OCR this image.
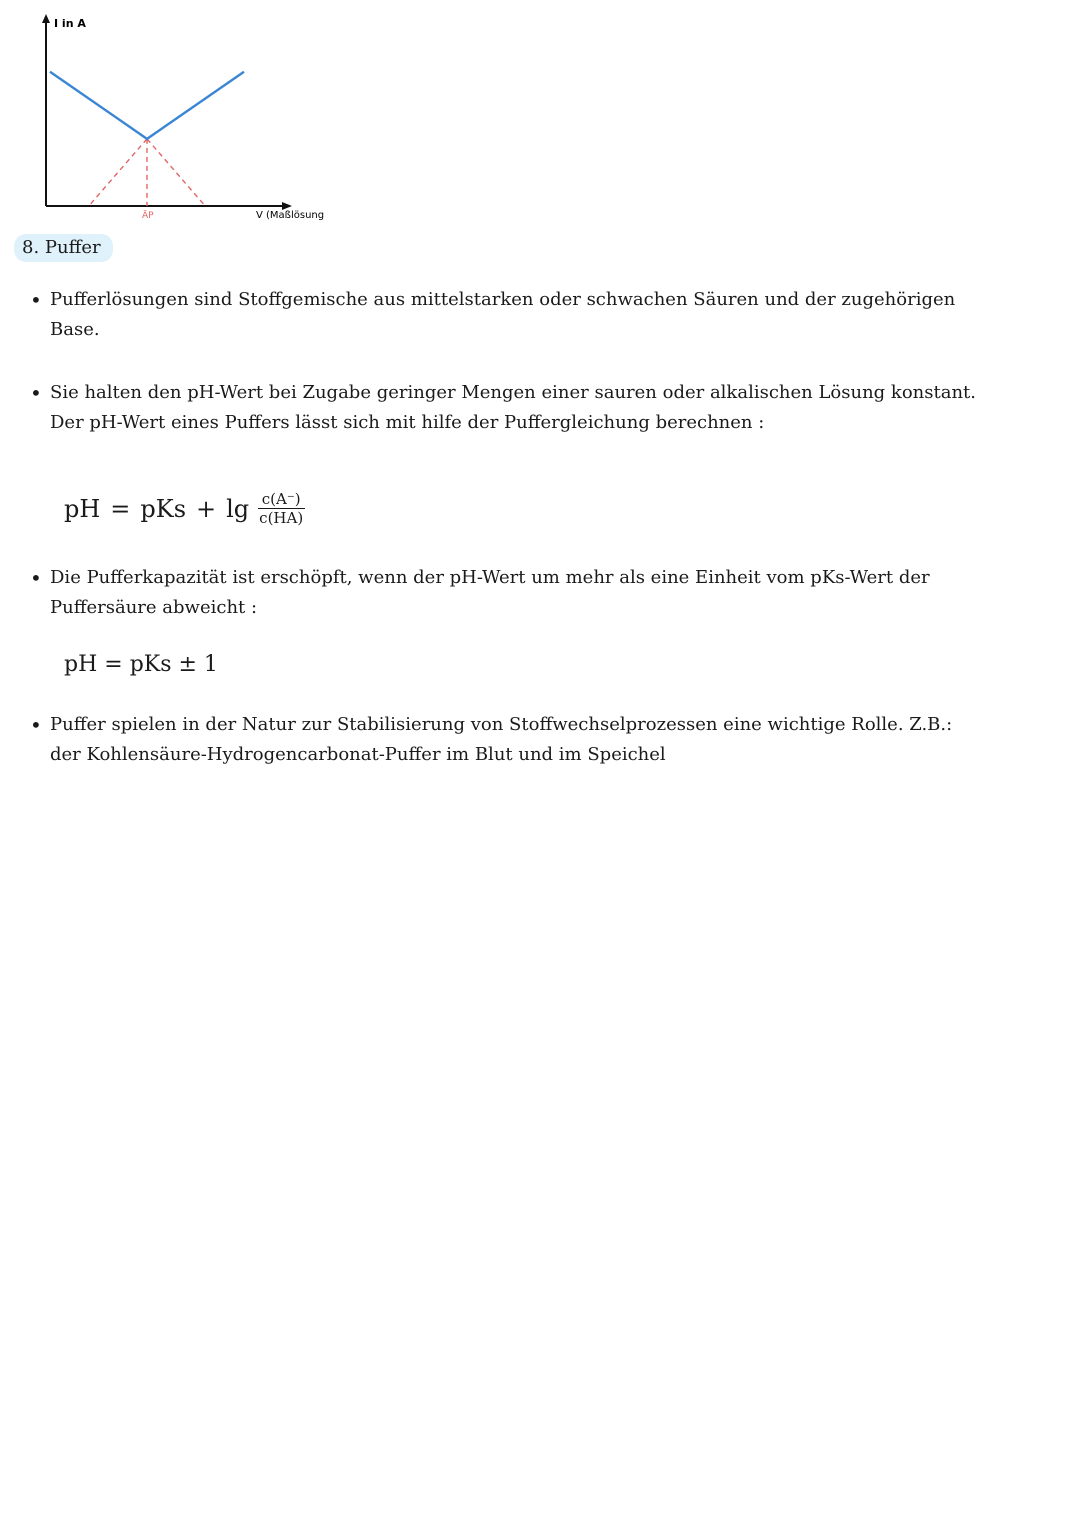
I in A
V (Maßlösung
ÄP
8. Puffer
• Pufferlösungen sind Stoffgemische aus mittelstarken oder schwachen Säuren und der zugehörigen Base.
• Sie halten den pH-Wert bei Zugabe geringer Mengen einer sauren oder alkalischen Lösung konstant. Der pH-Wert eines Puffers lässt sich mit hilfe der Puffergleichung berechnen :
pH = pKs + $\lg \frac{c(A^-)}{c(HA)}$
• Die Pufferkapazität ist erschöpft, wenn der pH-Wert um mehr als eine Einheit vom pKs-Wert der Puffersäure abweicht :
pH = pKs ± 1
• Puffer spielen in der Natur zur Stabilisierung von Stoffwechselprozessen eine wichtige Rolle. Z.B.: der Kohlensäure-Hydrogencarbonat-Puffer im Blut und im Speichel
